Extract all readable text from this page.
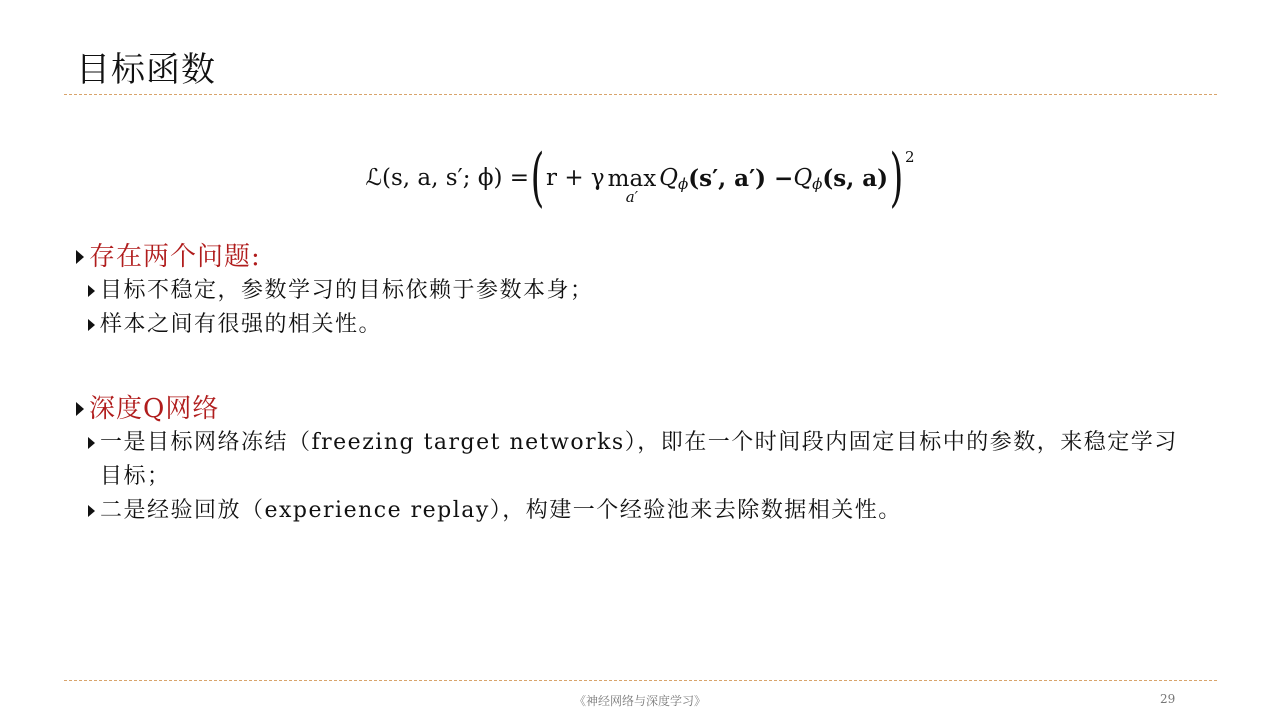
目标函数
ℒ(s, a, s′; ϕ) = ( r + γ max
a′
Q ϕ (s′, a′) − Q ϕ (s, a) ) 2
存在两个问题:
目标不稳定，参数学习的目标依赖于参数本身；
样本之间有很强的相关性。
深度Q网络
一是目标网络冻结（freezing target networks），即在一个时间段内固定目标中的参数，来稳定学习目标；
二是经验回放（experience replay），构建一个经验池来去除数据相关性。
《神经网络与深度学习》	29
